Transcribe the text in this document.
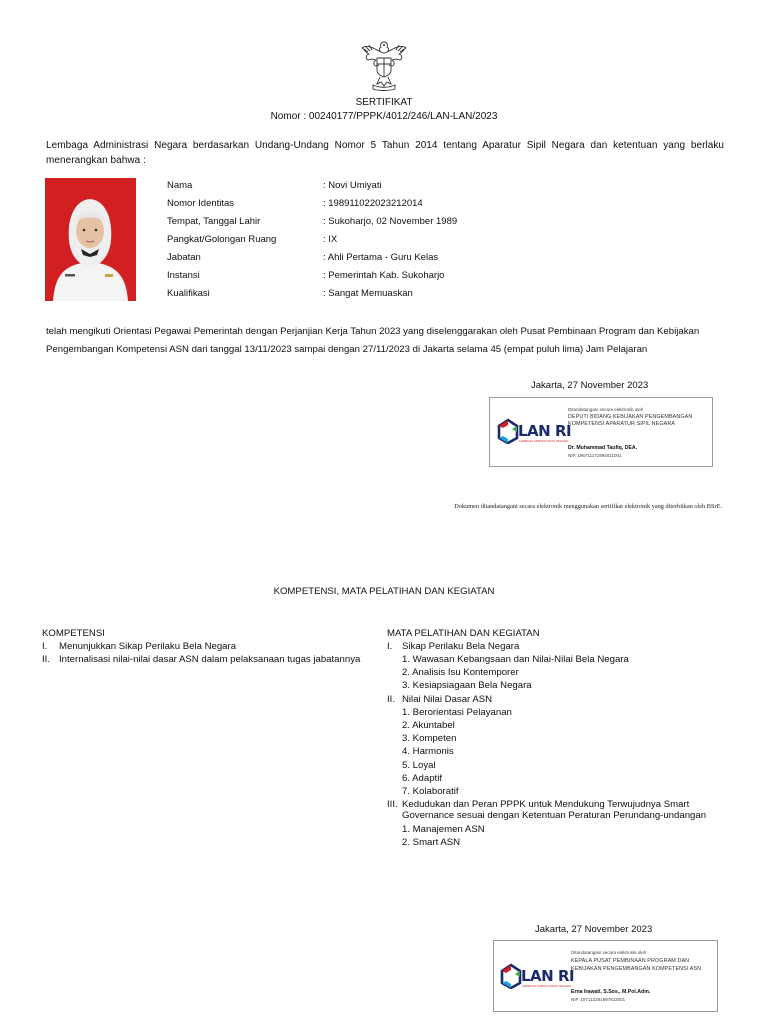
SERTIFIKAT
Nomor : 00240177/PPPK/4012/246/LAN-LAN/2023
Lembaga Administrasi Negara berdasarkan Undang-Undang Nomor 5 Tahun 2014 tentang Aparatur Sipil Negara dan ketentuan yang berlaku menerangkan bahwa :
Nama	: Novi Umiyati
Nomor Identitas	: 198911022023212014
Tempat, Tanggal Lahir	: Sukoharjo, 02 November 1989
Pangkat/Golongan Ruang	: IX
Jabatan	: Ahli Pertama - Guru Kelas
Instansi	: Pemerintah Kab. Sukoharjo
Kualifikasi	: Sangat Memuaskan
telah mengikuti Orientasi Pegawai Pemerintah dengan Perjanjian Kerja Tahun 2023 yang diselenggarakan oleh Pusat Pembinaan Program dan Kebijakan
Pengembangan Kompetensi ASN dari tanggal 13/11/2023 sampai dengan 27/11/2023 di Jakarta selama 45 (empat puluh lima) Jam Pelajaran
Jakarta, 27 November 2023
LAN RI
LEMBAGA ADMINISTRASI NEGARA
Ditandatangani secara elektronik oleh
DEPUTI BIDANG KEBIJAKAN PENGEMBANGAN
KOMPETENSI APARATUR SIPIL NEGARA
Dr. Muhammad Taufiq, DEA.
NIP. 196711171994011001
Dokumen ditandatangani secara elektronik menggunakan sertifikat elektronik yang diterbitkan oleh BSrE.
KOMPETENSI, MATA PELATIHAN DAN KEGIATAN
KOMPETENSI
I. Menunjukkan Sikap Perilaku Bela Negara
II. Internalisasi nilai-nilai dasar ASN dalam pelaksanaan tugas jabatannya
MATA PELATIHAN DAN KEGIATAN
I. Sikap Perilaku Bela Negara
1. Wawasan Kebangsaan dan Nilai-Nilai Bela Negara
2. Analisis Isu Kontemporer
3. Kesiapsiagaan Bela Negara
II. Nilai Nilai Dasar ASN
1. Berorientasi Pelayanan
2. Akuntabel
3. Kompeten
4. Harmonis
5. Loyal
6. Adaptif
7. Kolaboratif
III. Kedudukan dan Peran PPPK untuk Mendukung Terwujudnya Smart
Governance sesuai dengan Ketentuan Peraturan Perundang-undangan
1. Manajemen ASN
2. Smart ASN
Jakarta, 27 November 2023
LAN RI
LEMBAGA ADMINISTRASI NEGARA
Ditandatangani secara elektronik oleh
KEPALA PUSAT PEMBINAAN PROGRAM DAN
KEBIJAKAN PENGEMBANGAN KOMPETENSI ASN
Erna Irawati, S.Sos., M.Pol.Adm.
NIP. 197112281997822001
